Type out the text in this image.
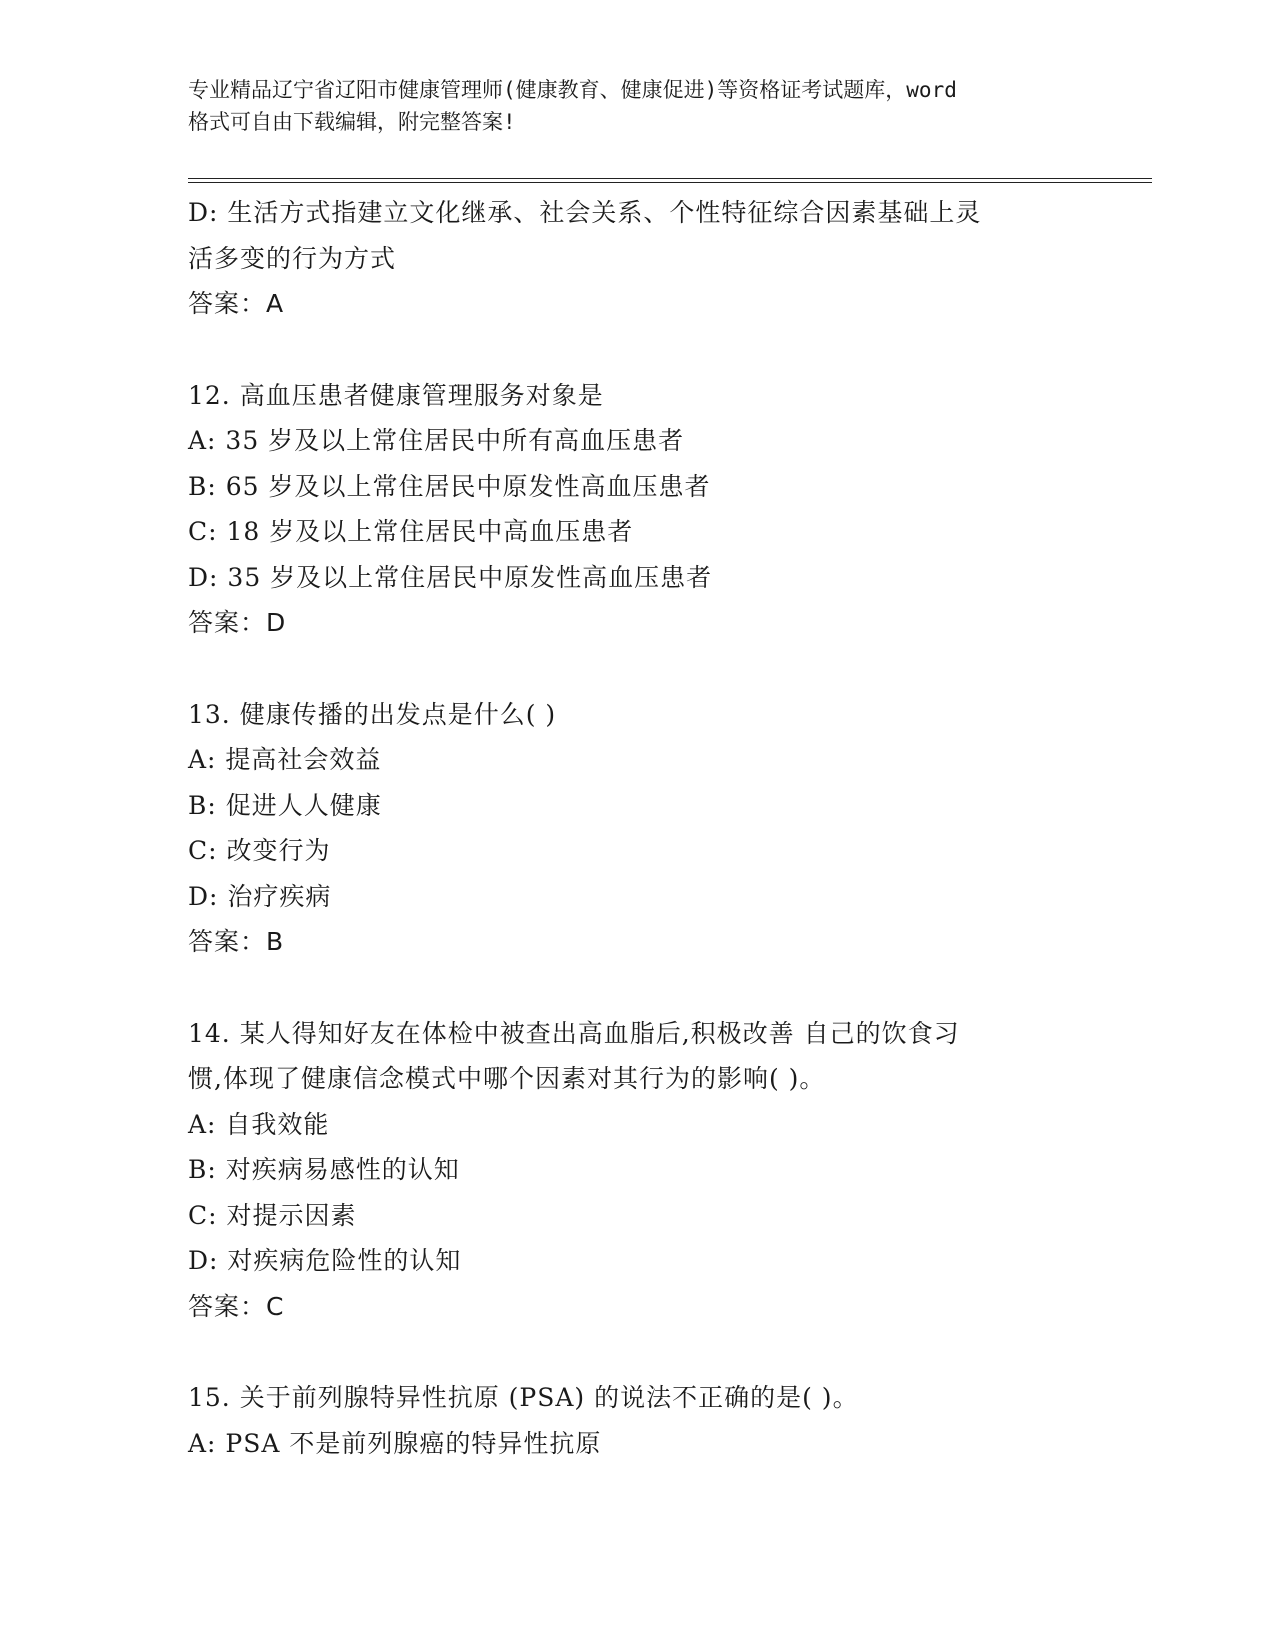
专业精品辽宁省辽阳市健康管理师(健康教育、健康促进)等资格证考试题库，word
格式可自由下载编辑，附完整答案!
D: 生活方式指建立文化继承、社会关系、个性特征综合因素基础上灵
活多变的行为方式
答案：A
12. 高血压患者健康管理服务对象是
A: 35 岁及以上常住居民中所有高血压患者
B: 65 岁及以上常住居民中原发性高血压患者
C: 18 岁及以上常住居民中高血压患者
D: 35 岁及以上常住居民中原发性高血压患者
答案：D
13. 健康传播的出发点是什么( )
A: 提高社会效益
B: 促进人人健康
C: 改变行为
D: 治疗疾病
答案：B
14. 某人得知好友在体检中被查出高血脂后,积极改善 自己的饮食习
惯,体现了健康信念模式中哪个因素对其行为的影响( )。
A: 自我效能
B: 对疾病易感性的认知
C: 对提示因素
D: 对疾病危险性的认知
答案：C
15. 关于前列腺特异性抗原 (PSA) 的说法不正确的是( )。
A: PSA 不是前列腺癌的特异性抗原
